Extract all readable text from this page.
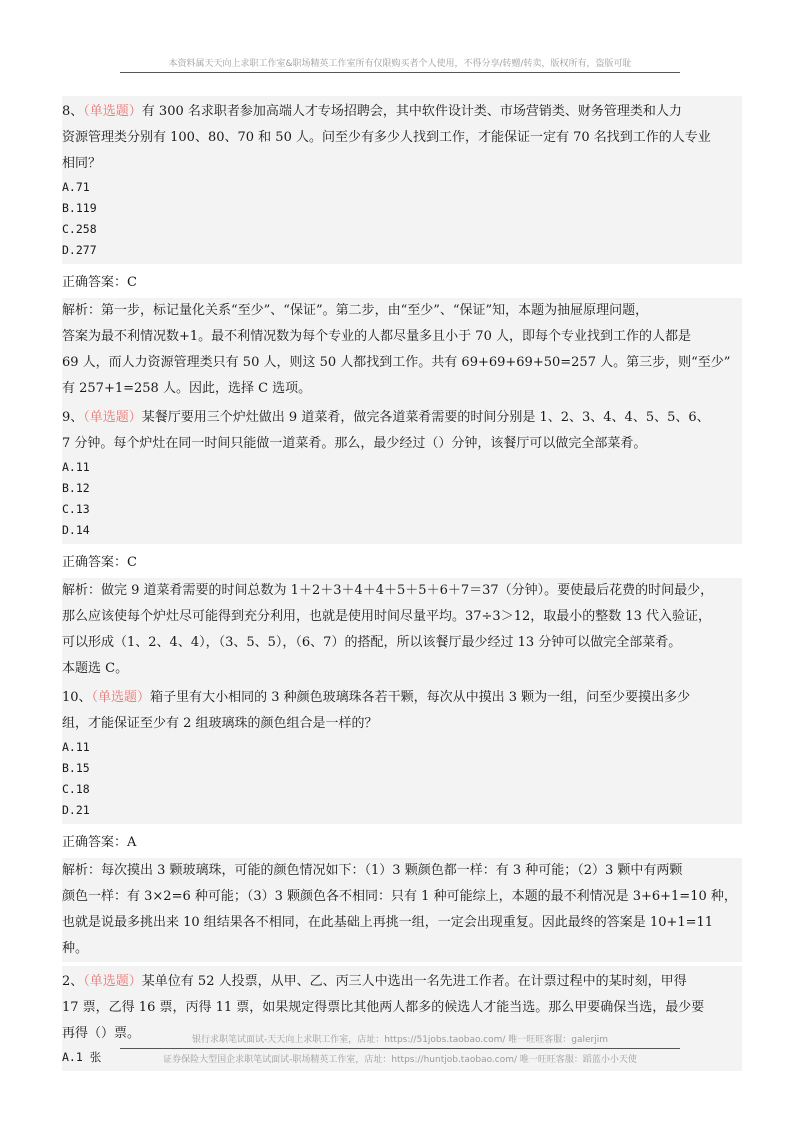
本资料属天天向上求职工作室&职场精英工作室所有仅限购买者个人使用，不得分享/转赠/转卖，版权所有，盗版可耻
8、（单选题）有 300 名求职者参加高端人才专场招聘会，其中软件设计类、市场营销类、财务管理类和人力
资源管理类分别有 100、80、70 和 50 人。问至少有多少人找到工作，才能保证一定有 70 名找到工作的人专业
相同？
A.71
B.119
C.258
D.277
正确答案：C
解析：第一步，标记量化关系“至少”、“保证”。第二步，由“至少”、“保证”知，本题为抽屉原理问题，
答案为最不利情况数+1。最不利情况数为每个专业的人都尽量多且小于 70 人，即每个专业找到工作的人都是
69 人，而人力资源管理类只有 50 人，则这 50 人都找到工作。共有 69+69+69+50=257 人。第三步，则“至少”
有 257+1=258 人。因此，选择 C 选项。
9、（单选题）某餐厅要用三个炉灶做出 9 道菜肴，做完各道菜肴需要的时间分别是 1、2、3、4、4、5、5、6、
7 分钟。每个炉灶在同一时间只能做一道菜肴。那么，最少经过（）分钟，该餐厅可以做完全部菜肴。
A.11
B.12
C.13
D.14
正确答案：C
解析：做完 9 道菜肴需要的时间总数为 1＋2＋3＋4＋4＋5＋5＋6＋7＝37（分钟）。要使最后花费的时间最少，
那么应该使每个炉灶尽可能得到充分利用，也就是使用时间尽量平均。37÷3＞12，取最小的整数 13 代入验证，
可以形成（1、2、4、4），（3、5、5），（6、7）的搭配，所以该餐厅最少经过 13 分钟可以做完全部菜肴。
本题选 C。
10、（单选题）箱子里有大小相同的 3 种颜色玻璃珠各若干颗，每次从中摸出 3 颗为一组，问至少要摸出多少
组，才能保证至少有 2 组玻璃珠的颜色组合是一样的？
A.11
B.15
C.18
D.21
正确答案：A
解析：每次摸出 3 颗玻璃珠，可能的颜色情况如下：（1）3 颗颜色都一样：有 3 种可能；（2）3 颗中有两颗
颜色一样：有 3×2=6 种可能；（3）3 颗颜色各不相同：只有 1 种可能综上，本题的最不利情况是 3+6+1=10 种，
也就是说最多挑出来 10 组结果各不相同，在此基础上再挑一组，一定会出现重复。因此最终的答案是 10+1=11
种。
2、（单选题）某单位有 52 人投票，从甲、乙、丙三人中选出一名先进工作者。在计票过程中的某时刻，甲得
17 票，乙得 16 票，丙得 11 票，如果规定得票比其他两人都多的候选人才能当选。那么甲要确保当选，最少要
再得（）票。
A.1 张
银行求职笔试面试-天天向上求职工作室，店址：https://51jobs.taobao.com/ 唯一旺旺客服：galerjim
证券保险大型国企求职笔试面试-职场精英工作室，店址：https://huntjob.taobao.com/ 唯一旺旺客服：蹈蓝小小天使
